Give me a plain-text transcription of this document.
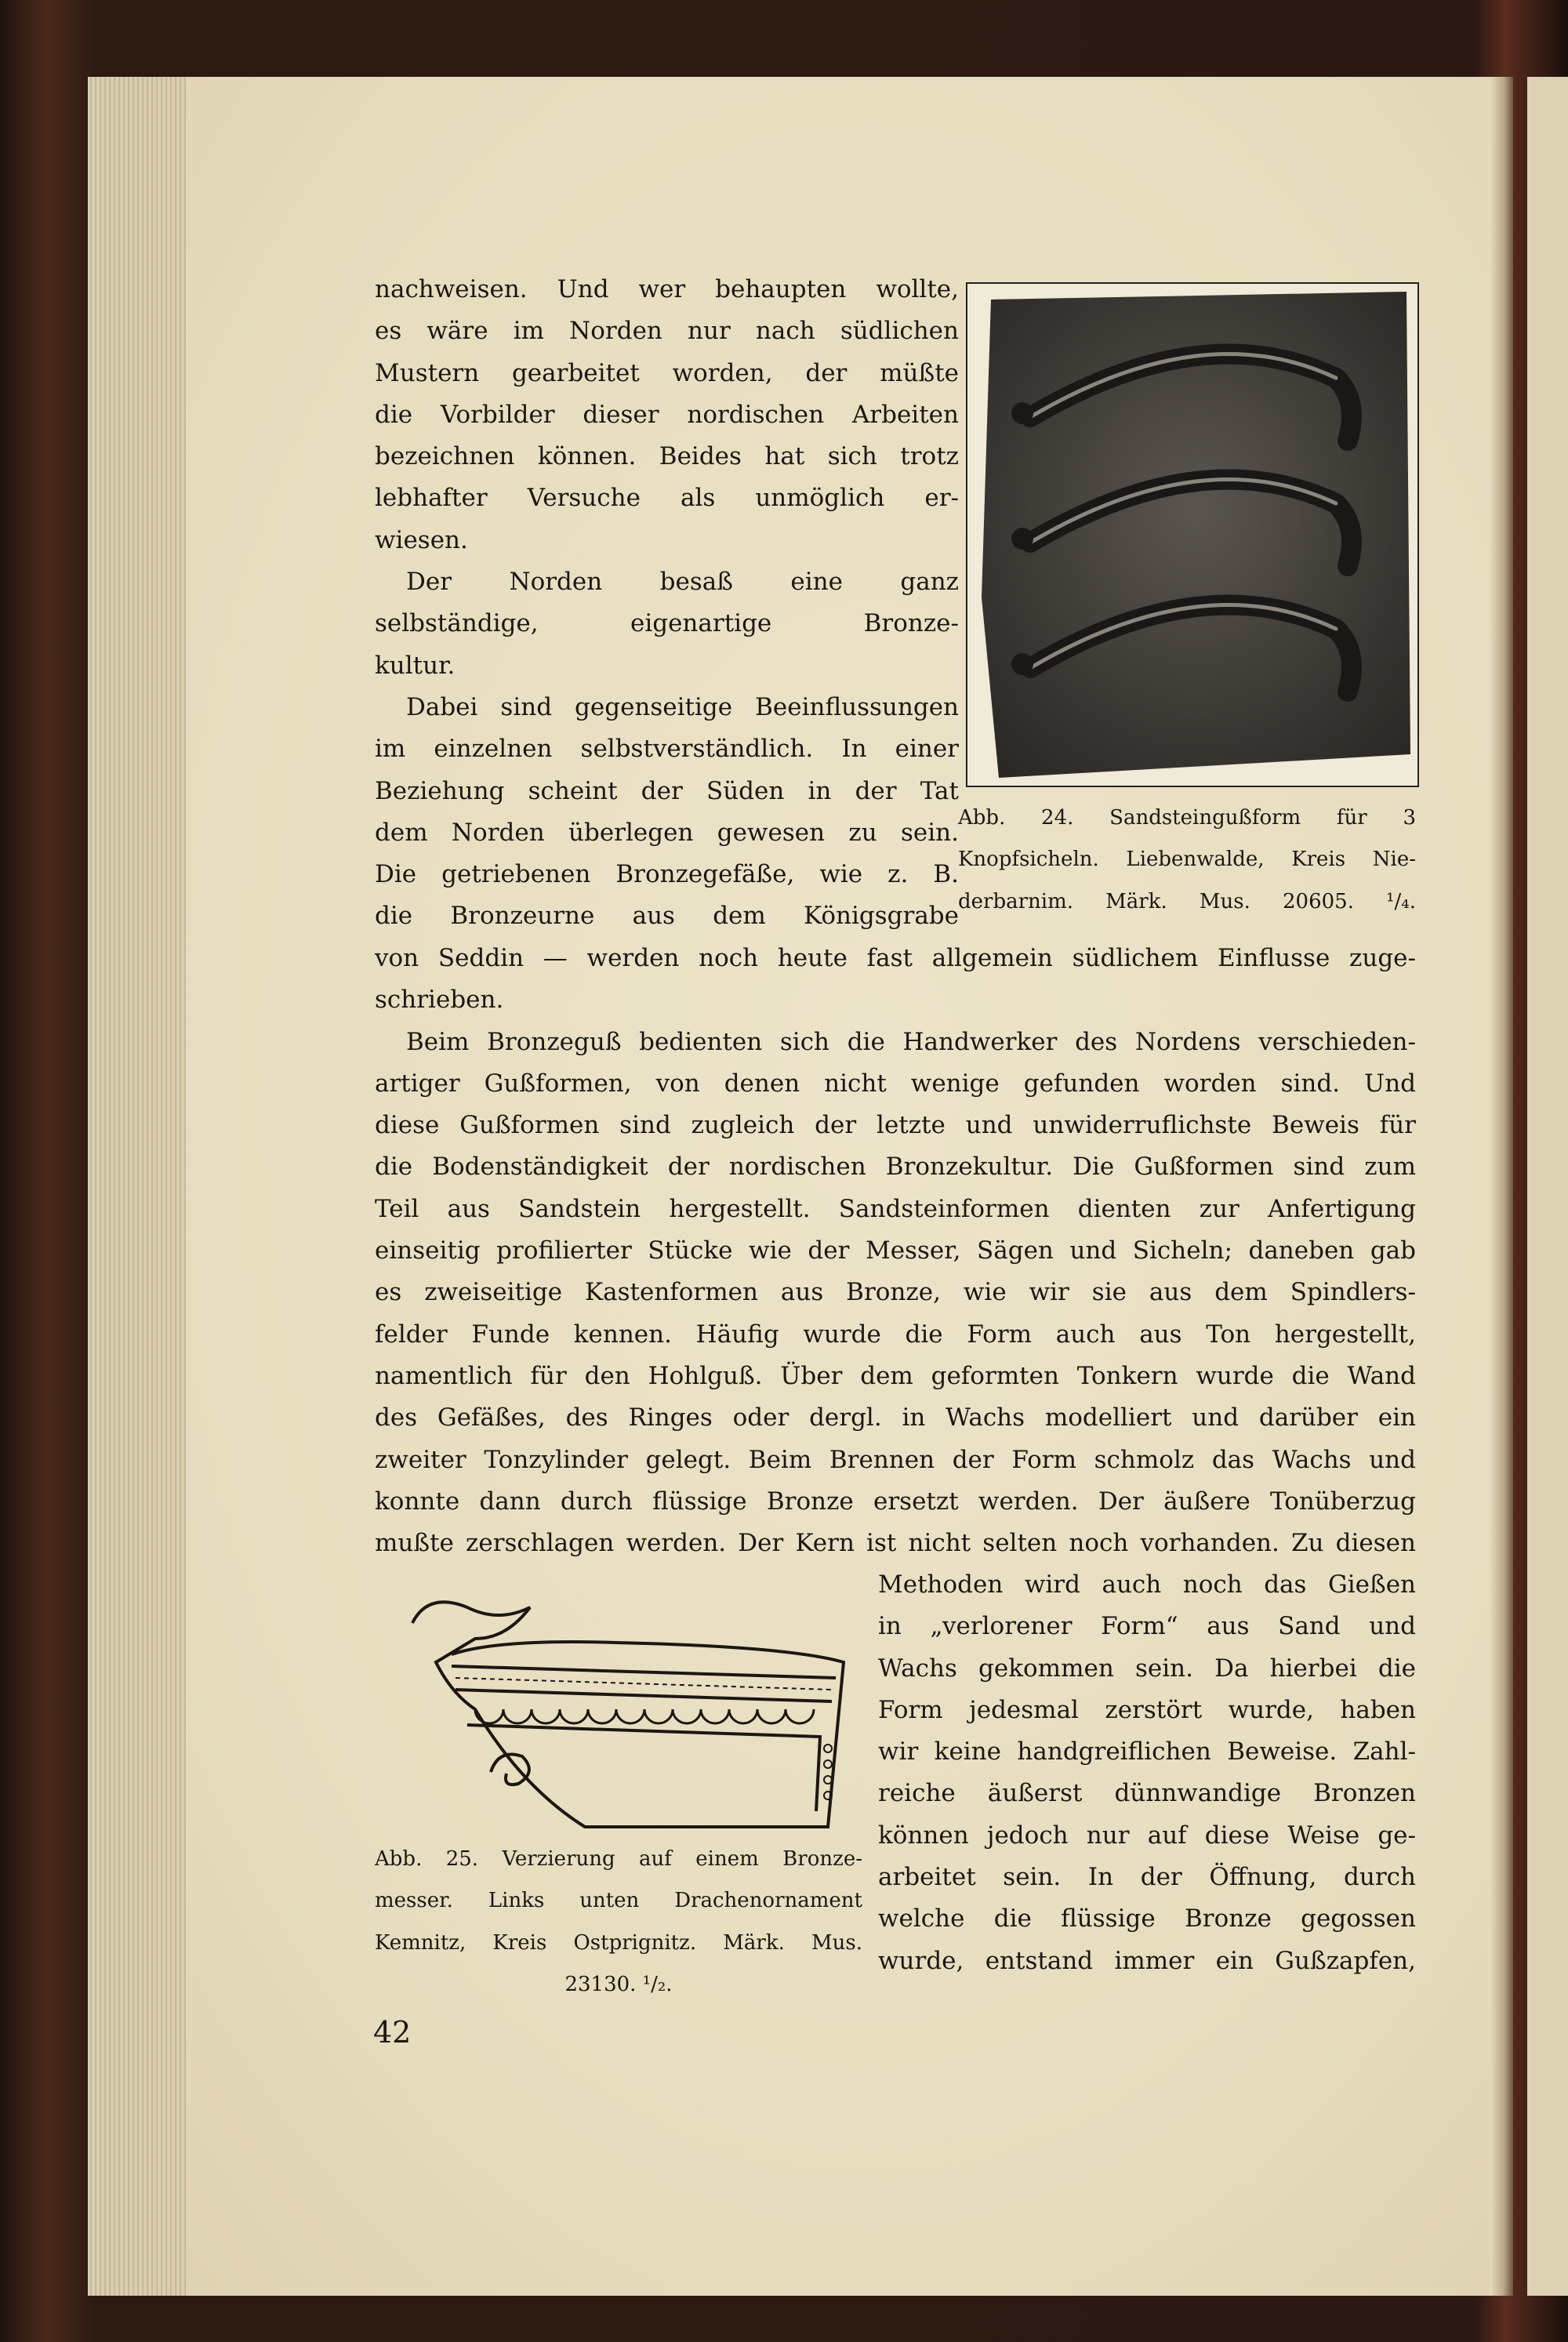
nachweisen. Und wer behaupten wollte,
es wäre im Norden nur nach südlichen
Mustern gearbeitet worden, der müßte
die Vorbilder dieser nordischen Arbeiten
bezeichnen können. Beides hat sich trotz
lebhafter Versuche als unmöglich er-
wiesen.
Der Norden besaß eine ganz
selbständige, eigenartige Bronze-
kultur.
Dabei sind gegenseitige Beeinflussungen
im einzelnen selbstverständlich. In einer
Beziehung scheint der Süden in der Tat
dem Norden überlegen gewesen zu sein.
Die getriebenen Bronzegefäße, wie z. B.
die Bronzeurne aus dem Königsgrabe
von Seddin — werden noch heute fast allgemein südlichem Einflusse zuge-
schrieben.
Beim Bronzeguß bedienten sich die Handwerker des Nordens verschieden-
artiger Gußformen, von denen nicht wenige gefunden worden sind. Und
diese Gußformen sind zugleich der letzte und unwiderruflichste Beweis für
die Bodenständigkeit der nordischen Bronzekultur. Die Gußformen sind zum
Teil aus Sandstein hergestellt. Sandsteinformen dienten zur Anfertigung
einseitig profilierter Stücke wie der Messer, Sägen und Sicheln; daneben gab
es zweiseitige Kastenformen aus Bronze, wie wir sie aus dem Spindlers-
felder Funde kennen. Häufig wurde die Form auch aus Ton hergestellt,
namentlich für den Hohlguß. Über dem geformten Tonkern wurde die Wand
des Gefäßes, des Ringes oder dergl. in Wachs modelliert und darüber ein
zweiter Tonzylinder gelegt. Beim Brennen der Form schmolz das Wachs und
konnte dann durch flüssige Bronze ersetzt werden. Der äußere Tonüberzug
mußte zerschlagen werden. Der Kern ist nicht selten noch vorhanden. Zu diesen
Methoden wird auch noch das Gießen
in „verlorener Form“ aus Sand und
Wachs gekommen sein. Da hierbei die
Form jedesmal zerstört wurde, haben
wir keine handgreiflichen Beweise. Zahl-
reiche äußerst dünnwandige Bronzen
können jedoch nur auf diese Weise ge-
arbeitet sein. In der Öffnung, durch
welche die flüssige Bronze gegossen
wurde, entstand immer ein Gußzapfen,
Abb. 24. Sandsteingußform für 3
Knopfsicheln. Liebenwalde, Kreis Nie-
derbarnim. Märk. Mus. 20605. ¹/₄.
Abb. 25. Verzierung auf einem Bronze-
messer. Links unten Drachenornament
Kemnitz, Kreis Ostprignitz. Märk. Mus.
23130. ¹/₂.
42
